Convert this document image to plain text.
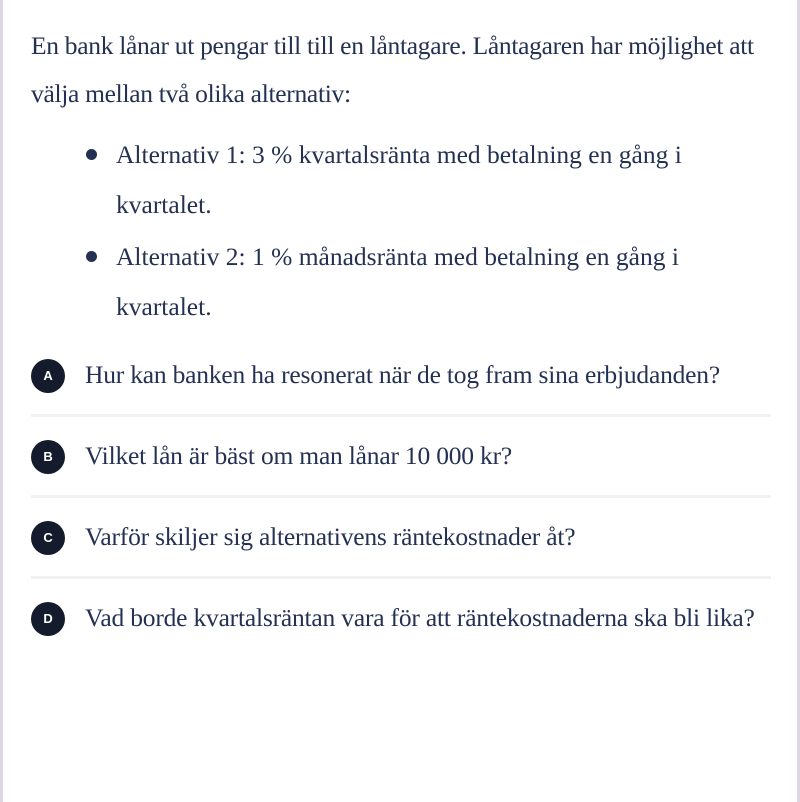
En bank lånar ut pengar till till en låntagare. Låntagaren har möjlighet att välja mellan två olika alternativ:

Alternativ 1: 3 % kvartalsränta med betalning en gång i kvartalet.
Alternativ 2: 1 % månadsränta med betalning en gång i kvartalet.
A Hur kan banken ha resonerat när de tog fram sina erbjudanden?
B Vilket lån är bäst om man lånar 10 000 kr?
C Varför skiljer sig alternativens räntekostnader åt?
D Vad borde kvartalsräntan vara för att räntekostnaderna ska bli lika?
